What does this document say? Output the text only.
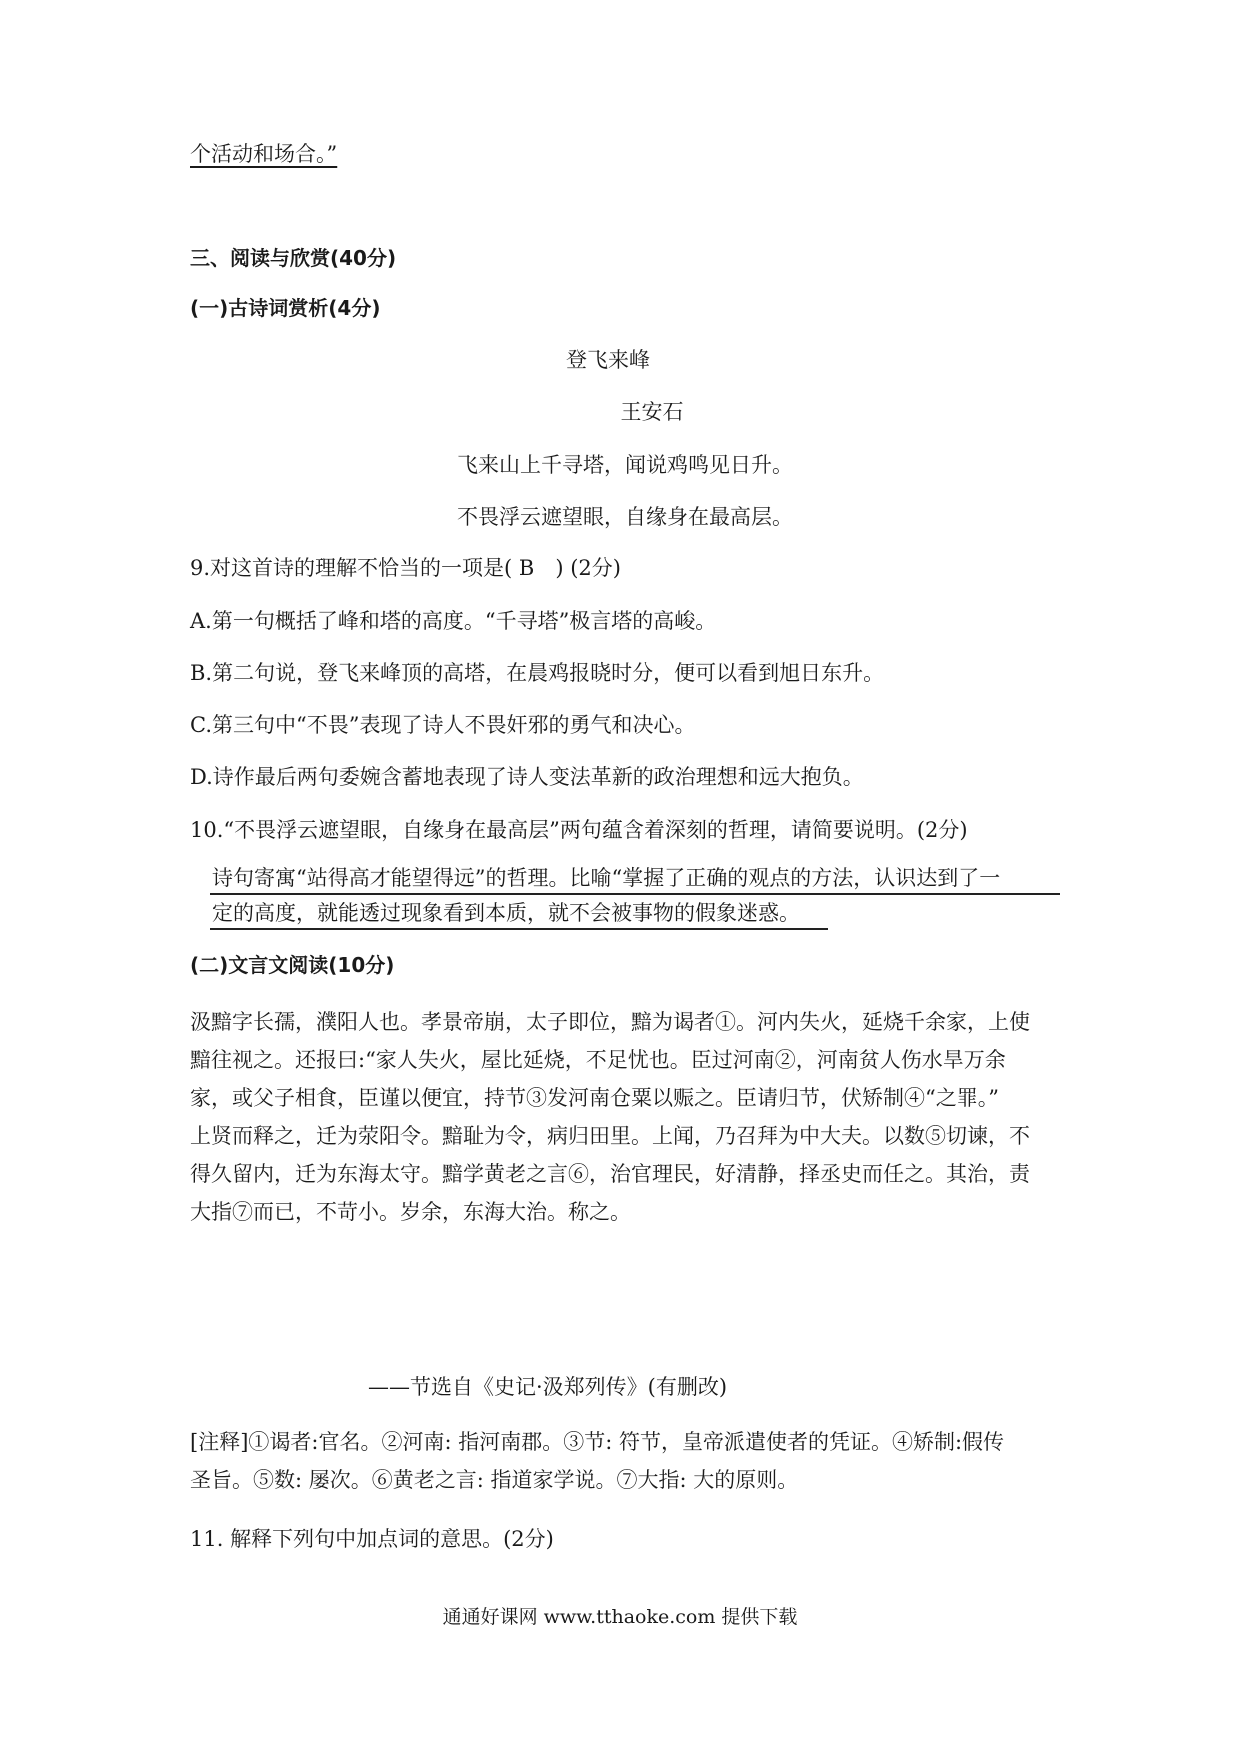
个活动和场合。”
三、阅读与欣赏(40分)
(一)古诗词赏析(4分)
登飞来峰
王安石
飞来山上千寻塔，闻说鸡鸣见日升。
不畏浮云遮望眼，自缘身在最高层。
9.对这首诗的理解不恰当的一项是( B　) (2分)
A.第一句概括了峰和塔的高度。“千寻塔”极言塔的高峻。
B.第二句说，登飞来峰顶的高塔，在晨鸡报晓时分，便可以看到旭日东升。
C.第三句中“不畏”表现了诗人不畏奸邪的勇气和决心。
D.诗作最后两句委婉含蓄地表现了诗人变法革新的政治理想和远大抱负。
10.“不畏浮云遮望眼，自缘身在最高层”两句蕴含着深刻的哲理，请简要说明。(2分)
诗句寄寓“站得高才能望得远”的哲理。比喻“掌握了正确的观点的方法，认识达到了一
定的高度，就能透过现象看到本质，就不会被事物的假象迷惑。
(二)文言文阅读(10分)
汲黯字长孺，濮阳人也。孝景帝崩，太子即位，黯为谒者①。河内失火，延烧千余家，上使
黯往视之。还报曰:“家人失火，屋比延烧，不足忧也。臣过河南②，河南贫人伤水旱万余
家，或父子相食，臣谨以便宜，持节③发河南仓粟以赈之。臣请归节，伏矫制④“之罪。”
上贤而释之，迁为荥阳令。黯耻为令，病归田里。上闻，乃召拜为中大夫。以数⑤切谏，不
得久留内，迁为东海太守。黯学黄老之言⑥，治官理民，好清静，择丞史而任之。其治，责
大指⑦而已，不苛小。岁余，东海大治。称之。
——节选自《史记·汲郑列传》(有删改)
[注释]①谒者:官名。②河南: 指河南郡。③节: 符节，皇帝派遣使者的凭证。④矫制:假传
圣旨。⑤数: 屡次。⑥黄老之言: 指道家学说。⑦大指: 大的原则。
11. 解释下列句中加点词的意思。(2分)
通通好课网 www.tthaoke.com 提供下载
